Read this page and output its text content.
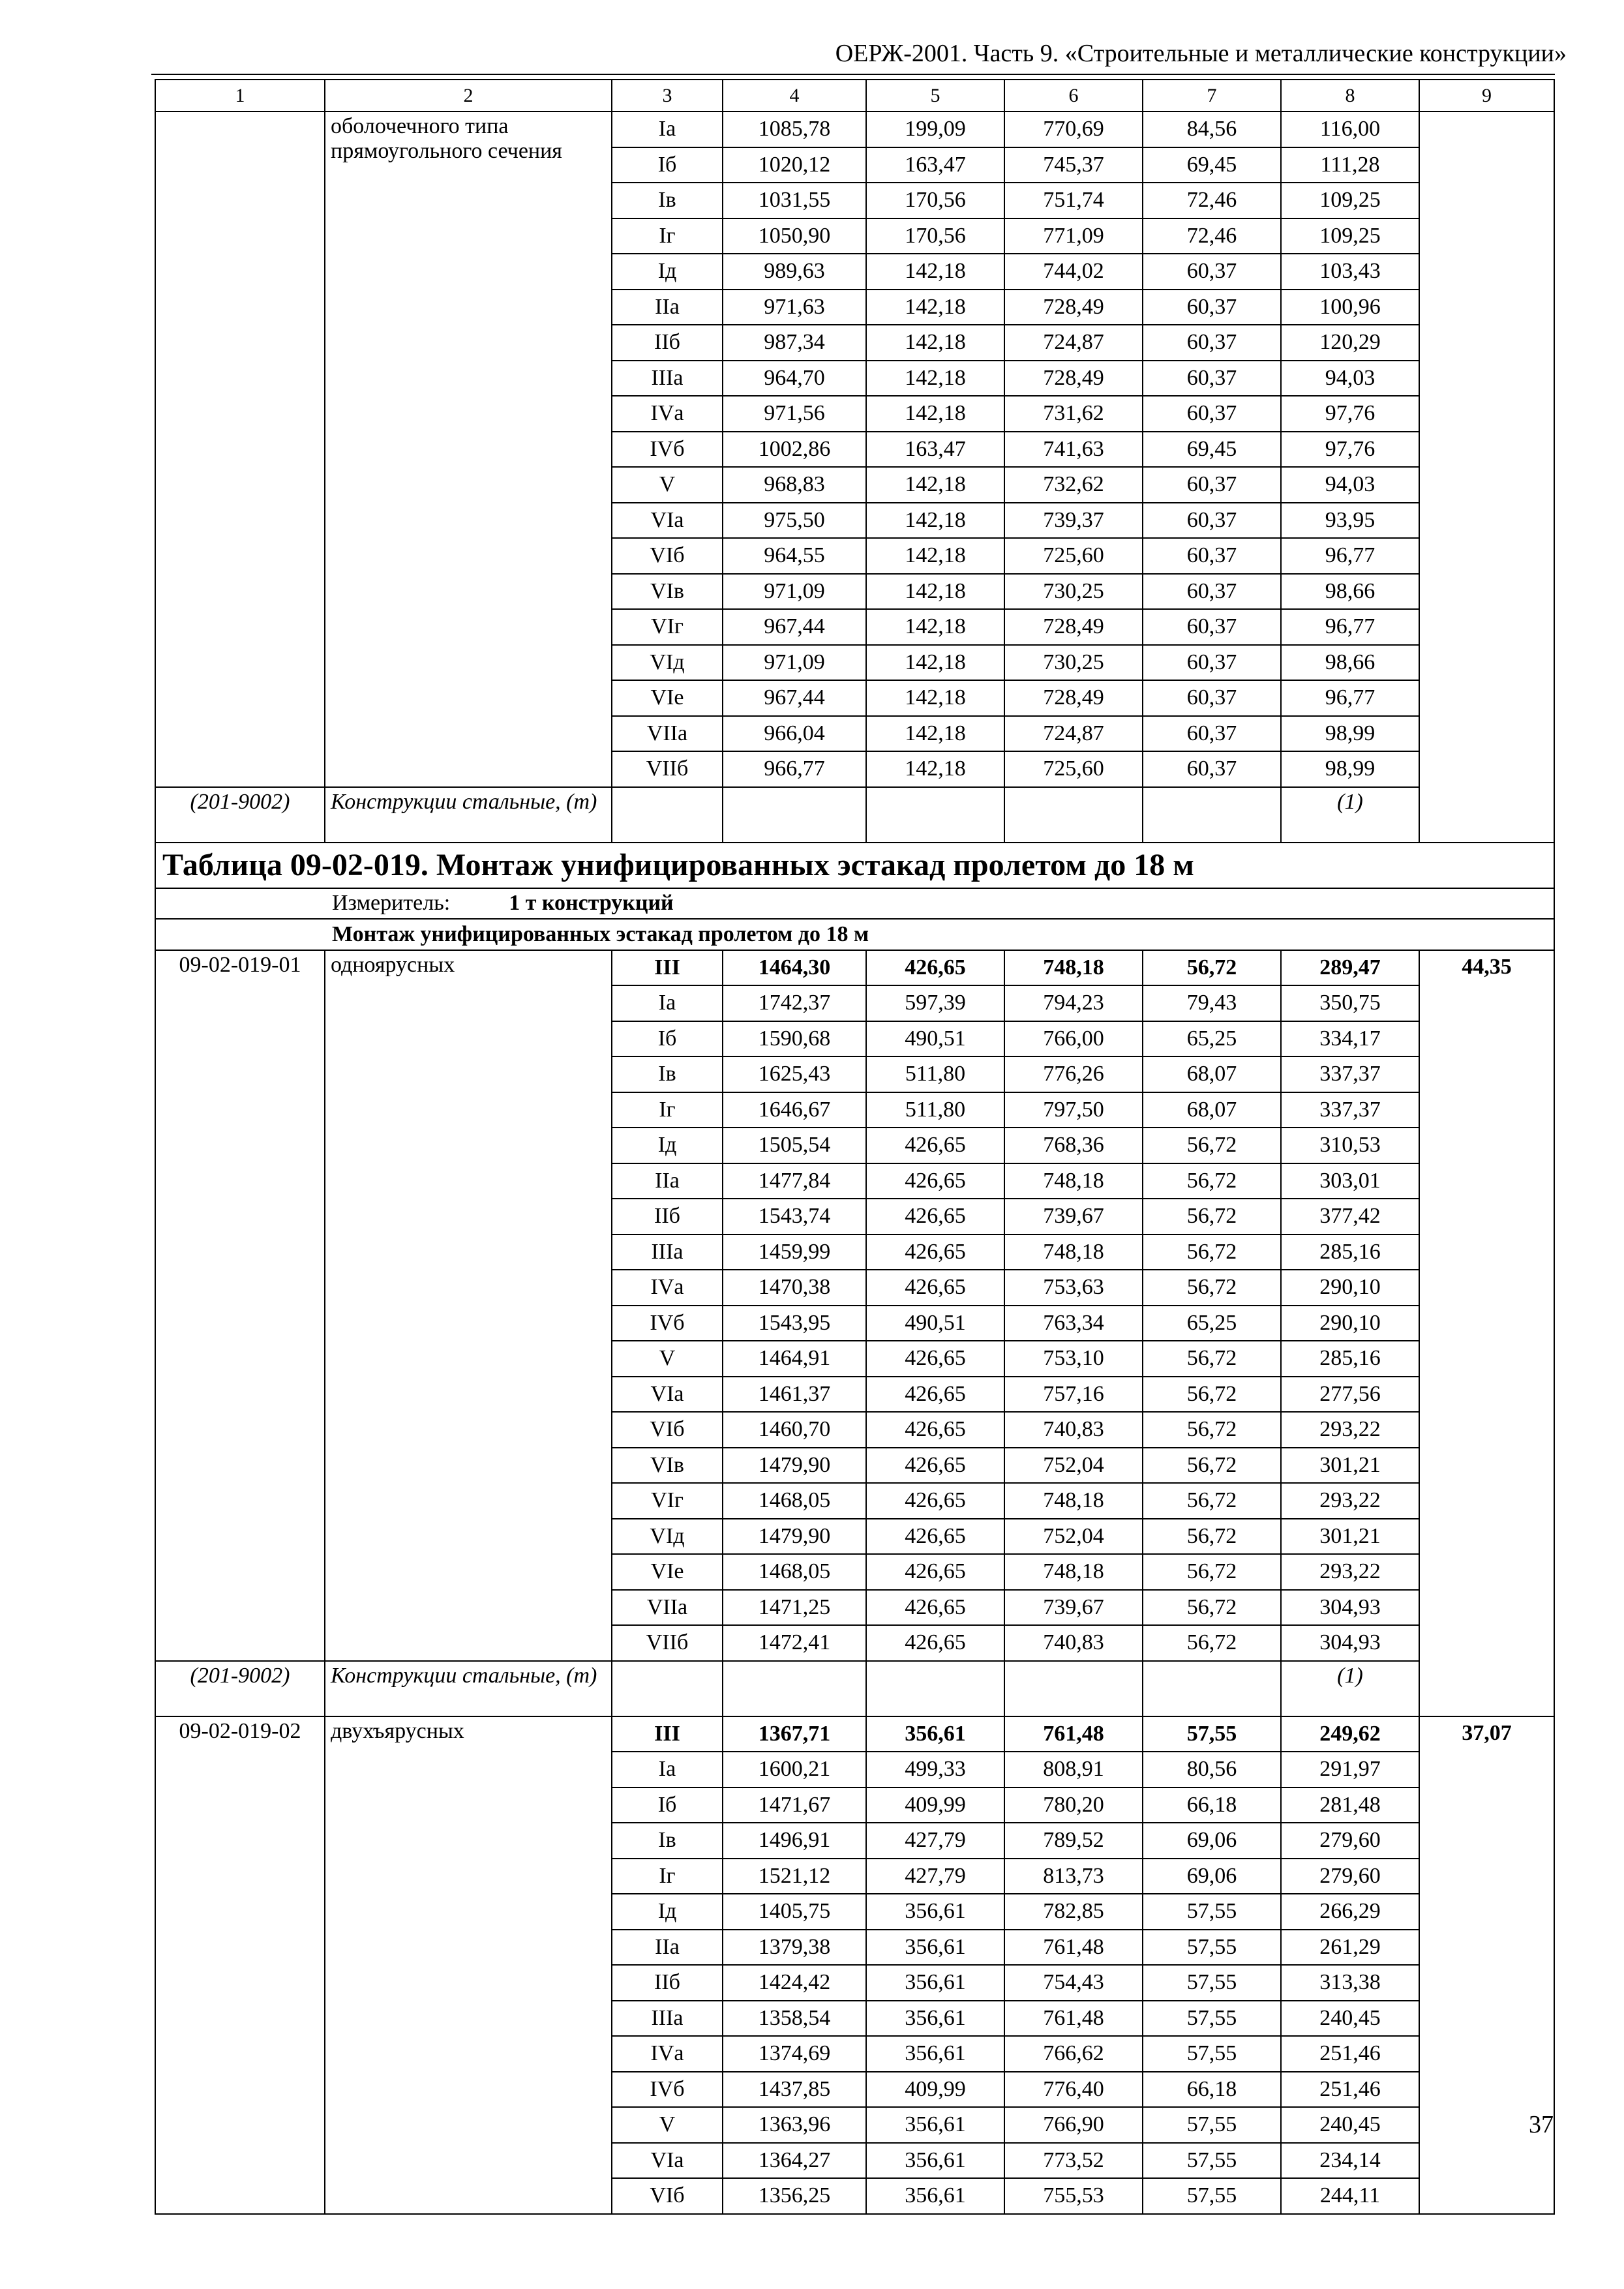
ОЕРЖ-2001. Часть 9. «Строительные и металлические конструкции»
1	2	3	4	5	6	7	8	9
	оболочечного типа прямоугольного сечения	Iа	1085,78	199,09	770,69	84,56	116,00	
		Iб	1020,12	163,47	745,37	69,45	111,28	
		Iв	1031,55	170,56	751,74	72,46	109,25	
		Iг	1050,90	170,56	771,09	72,46	109,25	
		Iд	989,63	142,18	744,02	60,37	103,43	
		IIа	971,63	142,18	728,49	60,37	100,96	
		IIб	987,34	142,18	724,87	60,37	120,29	
		IIIа	964,70	142,18	728,49	60,37	94,03	
		IVа	971,56	142,18	731,62	60,37	97,76	
		IVб	1002,86	163,47	741,63	69,45	97,76	
		V	968,83	142,18	732,62	60,37	94,03	
		VIа	975,50	142,18	739,37	60,37	93,95	
		VIб	964,55	142,18	725,60	60,37	96,77	
		VIв	971,09	142,18	730,25	60,37	98,66	
		VIг	967,44	142,18	728,49	60,37	96,77	
		VIд	971,09	142,18	730,25	60,37	98,66	
		VIе	967,44	142,18	728,49	60,37	96,77	
		VIIа	966,04	142,18	724,87	60,37	98,99	
		VIIб	966,77	142,18	725,60	60,37	98,99	
(201-9002)	Конструкции стальные, (т)						(1)	
Таблица 09-02-019. Монтаж унифицированных эстакад пролетом до 18 м								
Измеритель: 1 т конструкций								
Монтаж унифицированных эстакад пролетом до 18 м								
09-02-019-01	одноярусных	III	1464,30	426,65	748,18	56,72	289,47	44,35
		Iа	1742,37	597,39	794,23	79,43	350,75	
		Iб	1590,68	490,51	766,00	65,25	334,17	
		Iв	1625,43	511,80	776,26	68,07	337,37	
		Iг	1646,67	511,80	797,50	68,07	337,37	
		Iд	1505,54	426,65	768,36	56,72	310,53	
		IIа	1477,84	426,65	748,18	56,72	303,01	
		IIб	1543,74	426,65	739,67	56,72	377,42	
		IIIа	1459,99	426,65	748,18	56,72	285,16	
		IVа	1470,38	426,65	753,63	56,72	290,10	
		IVб	1543,95	490,51	763,34	65,25	290,10	
		V	1464,91	426,65	753,10	56,72	285,16	
		VIа	1461,37	426,65	757,16	56,72	277,56	
		VIб	1460,70	426,65	740,83	56,72	293,22	
		VIв	1479,90	426,65	752,04	56,72	301,21	
		VIг	1468,05	426,65	748,18	56,72	293,22	
		VIд	1479,90	426,65	752,04	56,72	301,21	
		VIе	1468,05	426,65	748,18	56,72	293,22	
		VIIа	1471,25	426,65	739,67	56,72	304,93	
		VIIб	1472,41	426,65	740,83	56,72	304,93	
(201-9002)	Конструкции стальные, (т)						(1)	
09-02-019-02	двухъярусных	III	1367,71	356,61	761,48	57,55	249,62	37,07
		Iа	1600,21	499,33	808,91	80,56	291,97	
		Iб	1471,67	409,99	780,20	66,18	281,48	
		Iв	1496,91	427,79	789,52	69,06	279,60	
		Iг	1521,12	427,79	813,73	69,06	279,60	
		Iд	1405,75	356,61	782,85	57,55	266,29	
		IIа	1379,38	356,61	761,48	57,55	261,29	
		IIб	1424,42	356,61	754,43	57,55	313,38	
		IIIа	1358,54	356,61	761,48	57,55	240,45	
		IVа	1374,69	356,61	766,62	57,55	251,46	
		IVб	1437,85	409,99	776,40	66,18	251,46	
		V	1363,96	356,61	766,90	57,55	240,45	
		VIа	1364,27	356,61	773,52	57,55	234,14	
		VIб	1356,25	356,61	755,53	57,55	244,11	
37
